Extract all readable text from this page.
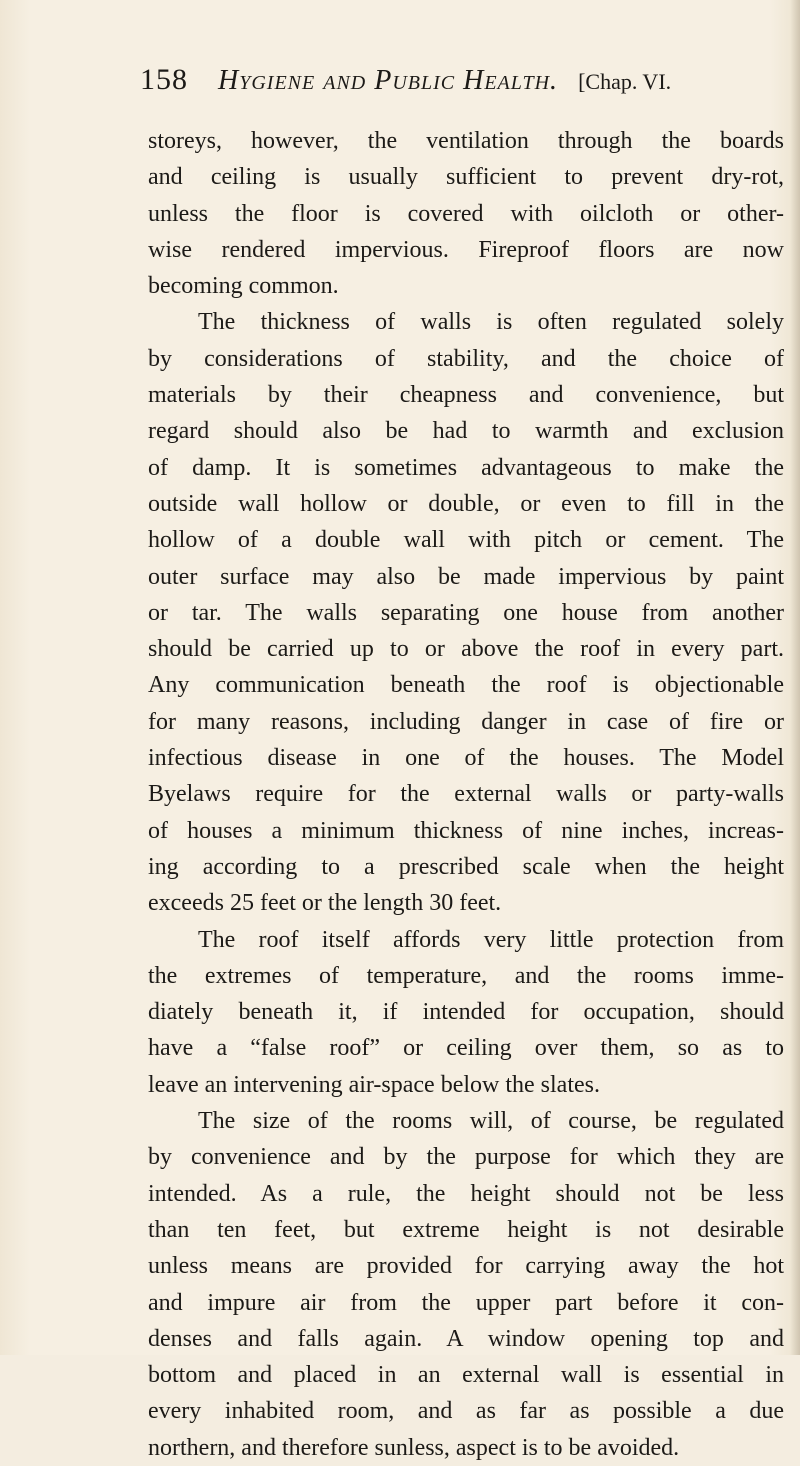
158 Hygiene and Public Health. [Chap. VI.
storeys, however, the ventilation through the boards
and ceiling is usually sufficient to prevent dry-rot,
unless the floor is covered with oilcloth or other-
wise rendered impervious. Fireproof floors are now
becoming common.
The thickness of walls is often regulated solely
by considerations of stability, and the choice of
materials by their cheapness and convenience, but
regard should also be had to warmth and exclusion
of damp. It is sometimes advantageous to make the
outside wall hollow or double, or even to fill in the
hollow of a double wall with pitch or cement. The
outer surface may also be made impervious by paint
or tar. The walls separating one house from another
should be carried up to or above the roof in every part.
Any communication beneath the roof is objectionable
for many reasons, including danger in case of fire or
infectious disease in one of the houses. The Model
Byelaws require for the external walls or party-walls
of houses a minimum thickness of nine inches, increas-
ing according to a prescribed scale when the height
exceeds 25 feet or the length 30 feet.
The roof itself affords very little protection from
the extremes of temperature, and the rooms imme-
diately beneath it, if intended for occupation, should
have a “false roof” or ceiling over them, so as to
leave an intervening air-space below the slates.
The size of the rooms will, of course, be regulated
by convenience and by the purpose for which they are
intended. As a rule, the height should not be less
than ten feet, but extreme height is not desirable
unless means are provided for carrying away the hot
and impure air from the upper part before it con-
denses and falls again. A window opening top and
bottom and placed in an external wall is essential in
every inhabited room, and as far as possible a due
northern, and therefore sunless, aspect is to be avoided.
